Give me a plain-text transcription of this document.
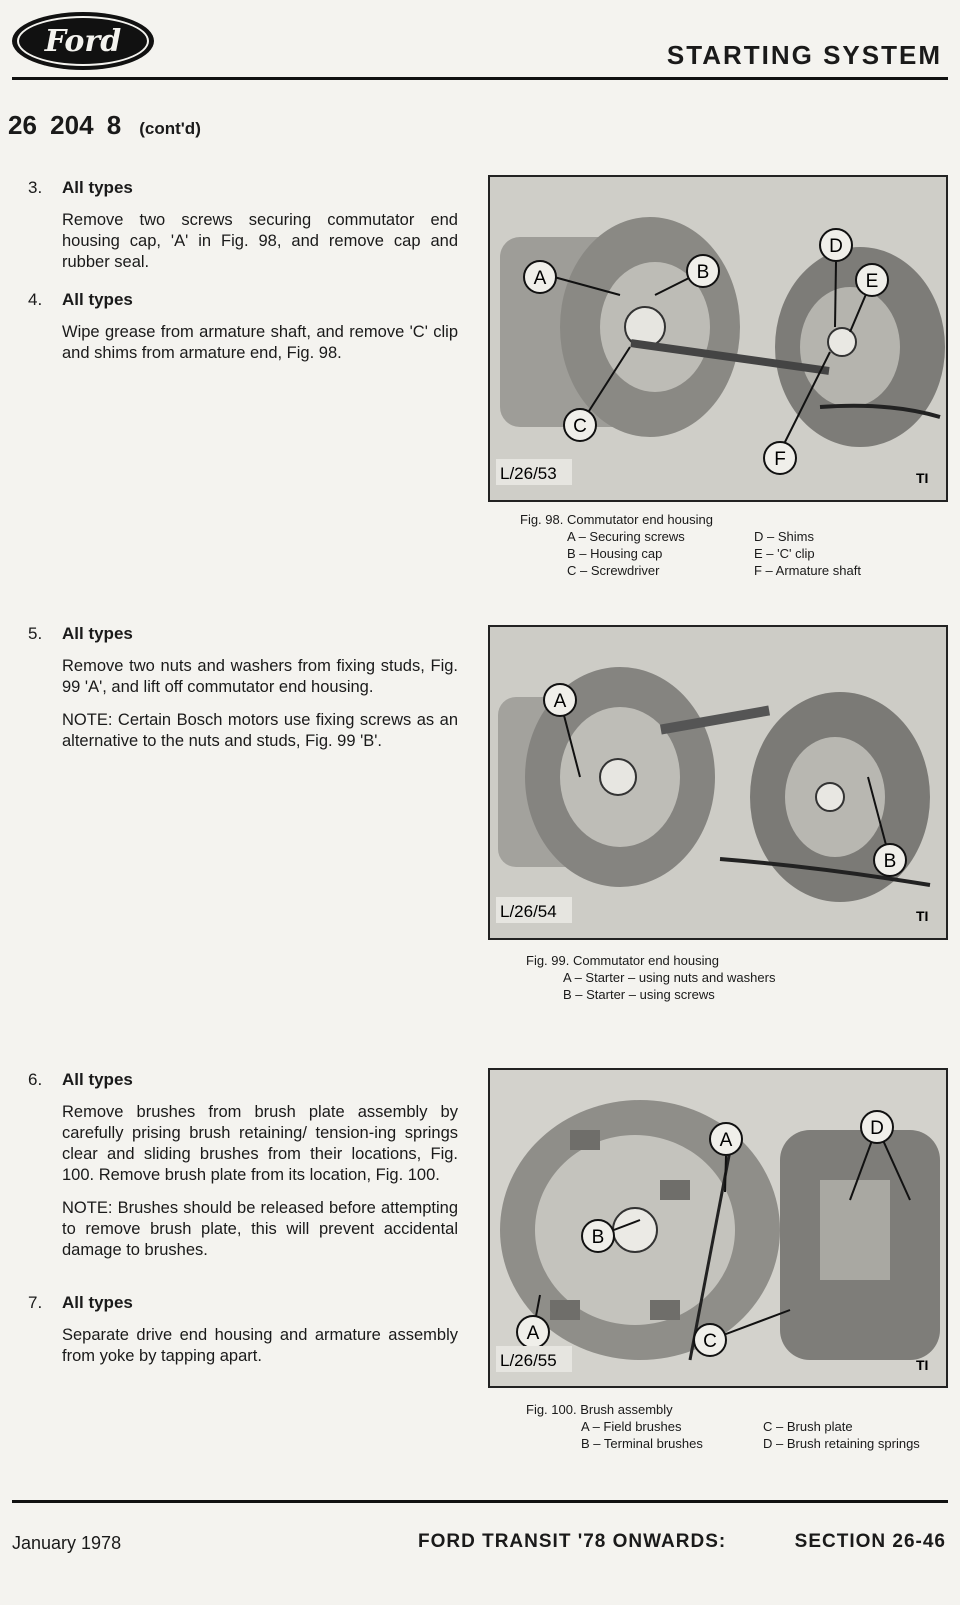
Ford	STARTING SYSTEM
26 204 8 (cont'd)
3. All types

Remove two screws securing commutator end housing cap, 'A' in Fig. 98, and remove cap and rubber seal.

4. All types

Wipe grease from armature shaft, and remove 'C' clip and shims from armature end, Fig. 98.

5. All types

Remove two nuts and washers from fixing studs, Fig. 99 'A', and lift off commutator end housing.

NOTE: Certain Bosch motors use fixing screws as an alternative to the nuts and studs, Fig. 99 'B'.

6. All types

Remove brushes from brush plate assembly by carefully prising brush retaining/ tension-ing springs clear and sliding brushes from their locations, Fig. 100. Remove brush plate from its location, Fig. 100.

NOTE: Brushes should be released before attempting to remove brush plate, this will prevent accidental damage to brushes.

7. All types

Separate drive end housing and armature assembly from yoke by tapping apart.

A	B
C
D
E
F
L/26/53	TI
Fig. 98. Commutator end housing
A – Securing screws	D – Shims
B – Housing cap	E – 'C' clip
C – Screwdriver	F – Armature shaft
A
B
L/26/54	TI
Fig. 99. Commutator end housing
A – Starter – using nuts and washers
B – Starter – using screws
A
A
B
C
D
L/26/55	TI
Fig. 100. Brush assembly
A – Field brushes	C – Brush plate
B – Terminal brushes	D – Brush retaining springs
January 1978	FORD TRANSIT '78 ONWARDS:	SECTION 26-46
